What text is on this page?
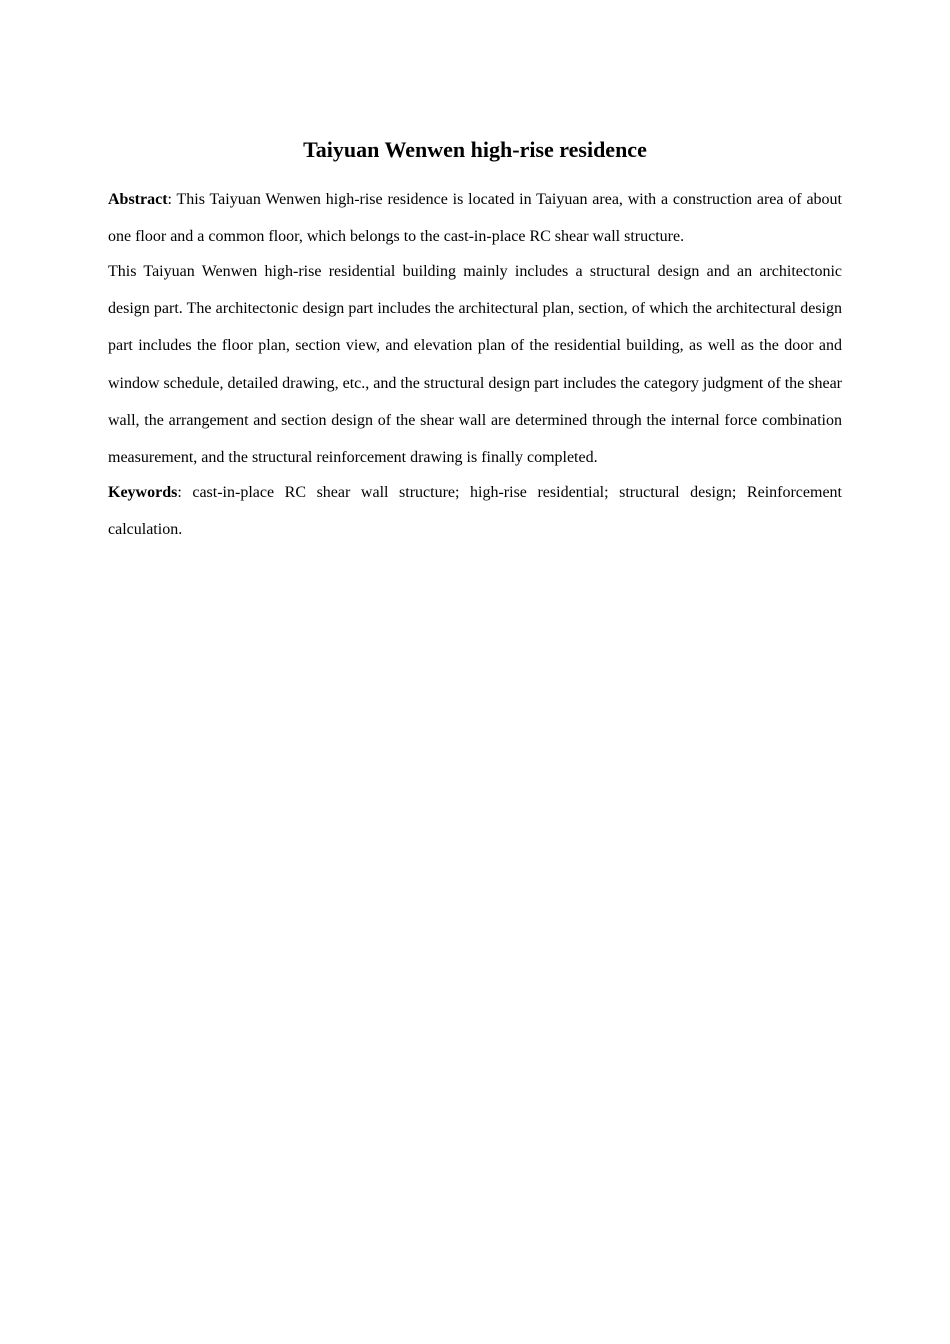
Taiyuan Wenwen high-rise residence

Abstract: This Taiyuan Wenwen high-rise residence is located in Taiyuan area, with a construction area of about one floor and a common floor, which belongs to the cast-in-place RC shear wall structure.

This Taiyuan Wenwen high-rise residential building mainly includes a structural design and an architectonic design part. The architectonic design part includes the architectural plan, section, of which the architectural design part includes the floor plan, section view, and elevation plan of the residential building, as well as the door and window schedule, detailed drawing, etc., and the structural design part includes the category judgment of the shear wall, the arrangement and section design of the shear wall are determined through the internal force combination measurement, and the structural reinforcement drawing is finally completed.

Keywords: cast-in-place RC shear wall structure; high-rise residential; structural design; Reinforcement calculation.
